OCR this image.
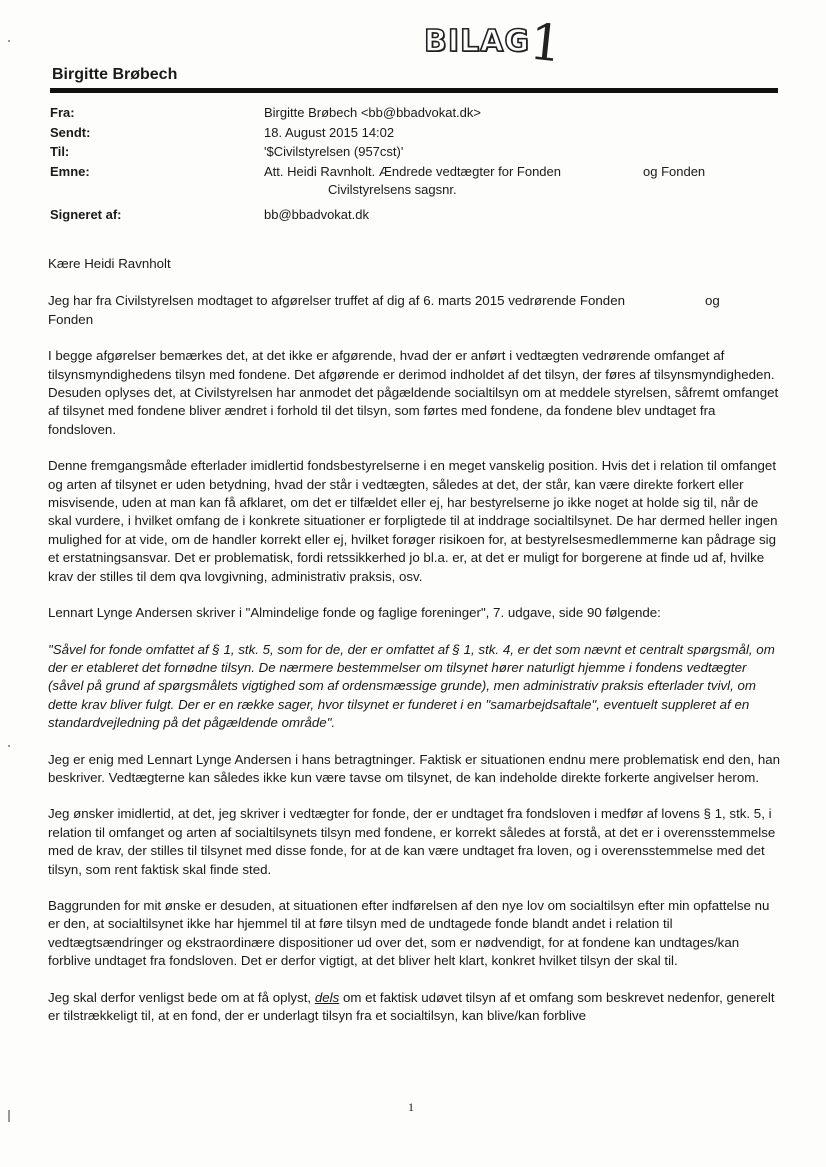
BILAG
1
Birgitte Brøbech
Fra:	Birgitte Brøbech <bb@bbadvokat.dk>
Sendt:	18. August 2015 14:02
Til:	'$Civilstyrelsen (957cst)'
Emne:	Att. Heidi Ravnholt. Ændrede vedtægter for Fonden	og Fonden
Civilstyrelsens sagsnr.
Signeret af:	bb@bbadvokat.dk

Kære Heidi Ravnholt

Jeg har fra Civilstyrelsen modtaget to afgørelser truffet af dig af 6. marts 2015 vedrørende Fonden	og
Fonden

I begge afgørelser bemærkes det, at det ikke er afgørende, hvad der er anført i vedtægten vedrørende omfanget af tilsynsmyndighedens tilsyn med fondene. Det afgørende er derimod indholdet af det tilsyn, der føres af tilsynsmyndigheden. Desuden oplyses det, at Civilstyrelsen har anmodet det pågældende socialtilsyn om at meddele styrelsen, såfremt omfanget af tilsynet med fondene bliver ændret i forhold til det tilsyn, som førtes med fondene, da fondene blev undtaget fra fondsloven.

Denne fremgangsmåde efterlader imidlertid fondsbestyrelserne i en meget vanskelig position. Hvis det i relation til omfanget og arten af tilsynet er uden betydning, hvad der står i vedtægten, således at det, der står, kan være direkte forkert eller misvisende, uden at man kan få afklaret, om det er tilfældet eller ej, har bestyrelserne jo ikke noget at holde sig til, når de skal vurdere, i hvilket omfang de i konkrete situationer er forpligtede til at inddrage socialtilsynet. De har dermed heller ingen mulighed for at vide, om de handler korrekt eller ej, hvilket forøger risikoen for, at bestyrelsesmedlemmerne kan pådrage sig et erstatningsansvar. Det er problematisk, fordi retssikkerhed jo bl.a. er, at det er muligt for borgerene at finde ud af, hvilke krav der stilles til dem qva lovgivning, administrativ praksis, osv.

Lennart Lynge Andersen skriver i "Almindelige fonde og faglige foreninger", 7. udgave, side 90 følgende:

"Såvel for fonde omfattet af § 1, stk. 5, som for de, der er omfattet af § 1, stk. 4, er det som nævnt et centralt spørgsmål, om der er etableret det fornødne tilsyn. De nærmere bestemmelser om tilsynet hører naturligt hjemme i fondens vedtægter (såvel på grund af spørgsmålets vigtighed som af ordensmæssige grunde), men administrativ praksis efterlader tvivl, om dette krav bliver fulgt. Der er en række sager, hvor tilsynet er funderet i en "samarbejdsaftale", eventuelt suppleret af en standardvejledning på det pågældende område".

Jeg er enig med Lennart Lynge Andersen i hans betragtninger. Faktisk er situationen endnu mere problematisk end den, han beskriver. Vedtægterne kan således ikke kun være tavse om tilsynet, de kan indeholde direkte forkerte angivelser herom.

Jeg ønsker imidlertid, at det, jeg skriver i vedtægter for fonde, der er undtaget fra fondsloven i medfør af lovens § 1, stk. 5, i relation til omfanget og arten af socialtilsynets tilsyn med fondene, er korrekt således at forstå, at det er i overensstemmelse med de krav, der stilles til tilsynet med disse fonde, for at de kan være undtaget fra loven, og i overensstemmelse med det tilsyn, som rent faktisk skal finde sted.

Baggrunden for mit ønske er desuden, at situationen efter indførelsen af den nye lov om socialtilsyn efter min opfattelse nu er den, at socialtilsynet ikke har hjemmel til at føre tilsyn med de undtagede fonde blandt andet i relation til vedtægtsændringer og ekstraordinære dispositioner ud over det, som er nødvendigt, for at fondene kan undtages/kan forblive undtaget fra fondsloven. Det er derfor vigtigt, at det bliver helt klart, konkret hvilket tilsyn der skal til.

Jeg skal derfor venligst bede om at få oplyst, dels om et faktisk udøvet tilsyn af et omfang som beskrevet nedenfor, generelt er tilstrækkeligt til, at en fond, der er underlagt tilsyn fra et socialtilsyn, kan blive/kan forblive

1
